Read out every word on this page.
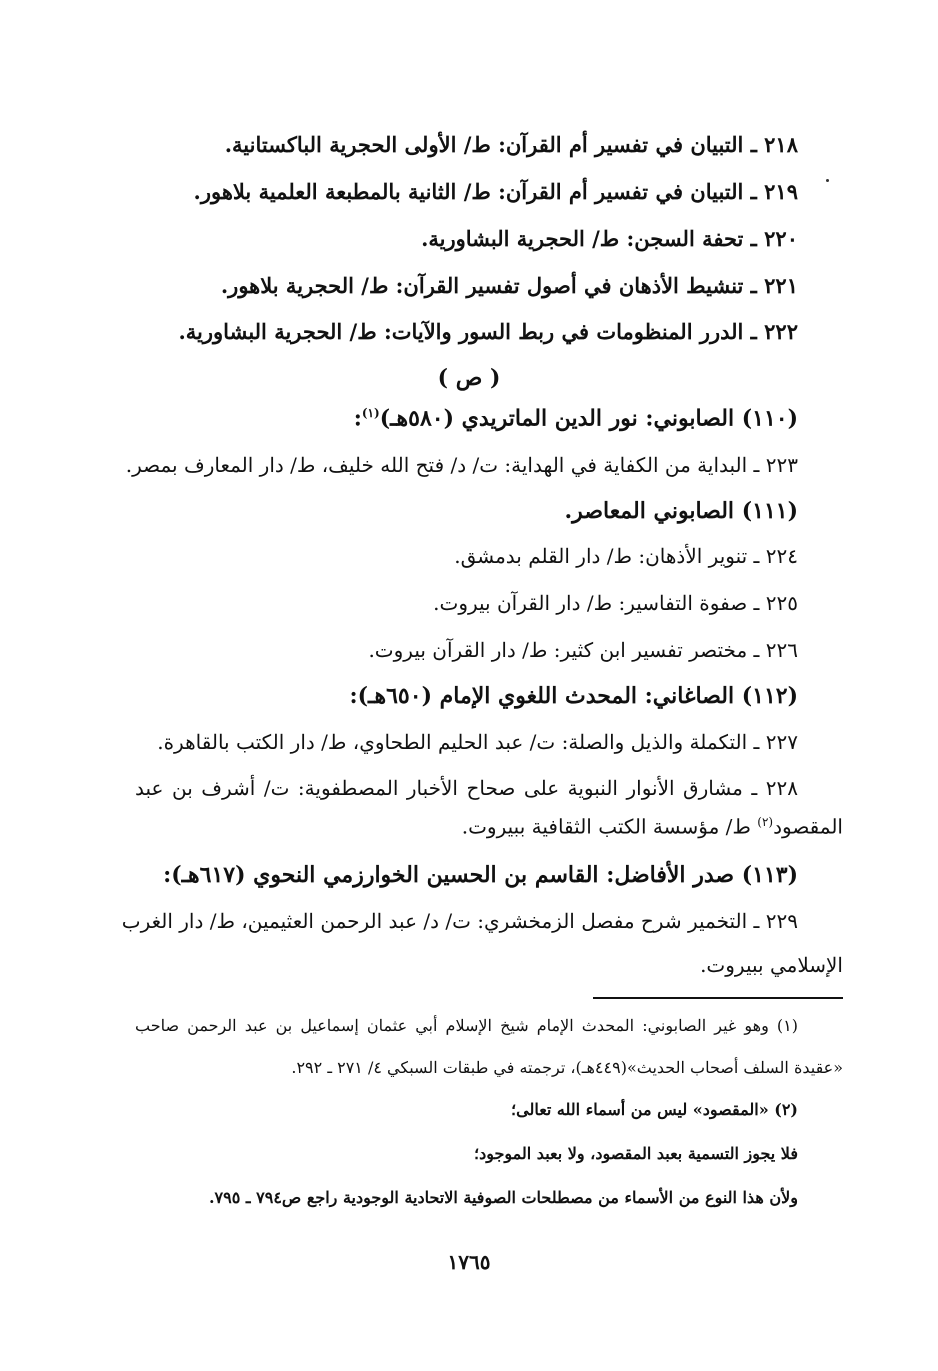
٢١٨ ـ التبيان في تفسير أم القرآن: ط/ الأولى الحجرية الباكستانية.
٢١٩ ـ التبيان في تفسير أم القرآن: ط/ الثانية بالمطبعة العلمية بلاهور.
٢٢٠ ـ تحفة السجن: ط/ الحجرية البشاورية.
٢٢١ ـ تنشيط الأذهان في أصول تفسير القرآن: ط/ الحجرية بلاهور.
٢٢٢ ـ الدرر المنظومات في ربط السور والآيات: ط/ الحجرية البشاورية.
( ص )
(١١٠) الصابوني: نور الدين الماتريدي (٥٨٠هـ)$^{(١)}$:
٢٢٣ ـ البداية من الكفاية في الهداية: ت/ د/ فتح الله خليف، ط/ دار المعارف بمصر.
(١١١) الصابوني المعاصر.
٢٢٤ ـ تنوير الأذهان: ط/ دار القلم بدمشق.
٢٢٥ ـ صفوة التفاسير: ط/ دار القرآن بيروت.
٢٢٦ ـ مختصر تفسير ابن كثير: ط/ دار القرآن بيروت.
(١١٢) الصاغاني: المحدث اللغوي الإمام (٦٥٠هـ):
٢٢٧ ـ التكملة والذيل والصلة: ت/ عبد الحليم الطحاوي، ط/ دار الكتب بالقاهرة.
٢٢٨ ـ مشارق الأنوار النبوية على صحاح الأخبار المصطفوية: ت/ أشرف بن عبد
المقصود$^{(٢)}$ ط/ مؤسسة الكتب الثقافية ببيروت.
(١١٣) صدر الأفاضل: القاسم بن الحسين الخوارزمي النحوي (٦١٧هـ):
٢٢٩ ـ التخمير شرح مفصل الزمخشري: ت/ د/ عبد الرحمن العثيمين، ط/ دار الغرب
الإسلامي ببيروت.
(١) وهو غير الصابوني: المحدث الإمام شيخ الإسلام أبي عثمان إسماعيل بن عبد الرحمن صاحب
«عقيدة السلف أصحاب الحديث»(٤٤٩هـ)، ترجمته في طبقات السبكي ٤/ ٢٧١ ـ ٢٩٢.
(٢) «المقصود» ليس من أسماء الله تعالى؛
فلا يجوز التسمية بعبد المقصود، ولا بعبد الموجود؛
ولأن هذا النوع من الأسماء من مصطلحات الصوفية الاتحادية الوجودية راجع ص٧٩٤ ـ ٧٩٥.
١٧٦٥
